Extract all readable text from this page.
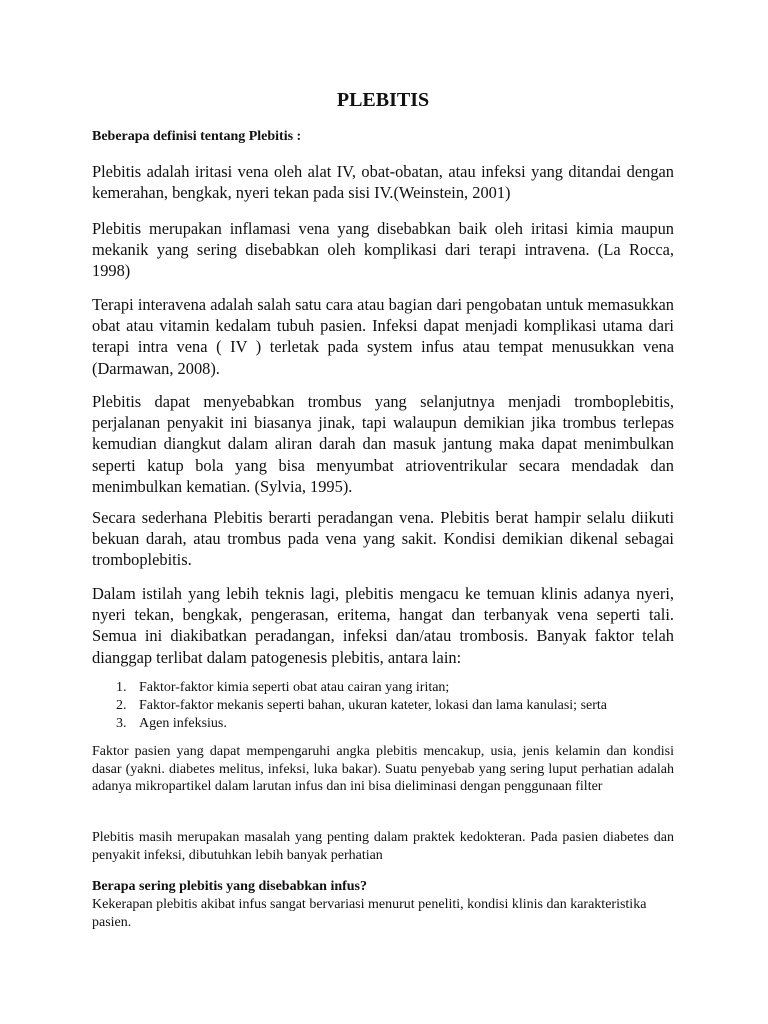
PLEBITIS

Beberapa definisi tentang Plebitis :

Plebitis adalah iritasi vena oleh alat IV, obat-obatan, atau infeksi yang ditandai dengan kemerahan, bengkak, nyeri tekan pada sisi IV.(Weinstein, 2001)

Plebitis merupakan inflamasi vena yang disebabkan baik oleh iritasi kimia maupun mekanik yang sering disebabkan oleh komplikasi dari terapi intravena. (La Rocca, 1998)

Terapi interavena adalah salah satu cara atau bagian dari pengobatan untuk memasukkan obat atau vitamin kedalam tubuh pasien. Infeksi dapat menjadi komplikasi utama dari terapi intra vena ( IV ) terletak pada system infus atau tempat menusukkan vena (Darmawan, 2008).

Plebitis dapat menyebabkan trombus yang selanjutnya menjadi tromboplebitis, perjalanan penyakit ini biasanya jinak, tapi walaupun demikian jika trombus terlepas kemudian diangkut dalam aliran darah dan masuk jantung maka dapat menimbulkan seperti katup bola yang bisa menyumbat atrioventrikular secara mendadak dan menimbulkan kematian. (Sylvia, 1995).

Secara sederhana Plebitis berarti peradangan vena. Plebitis berat hampir selalu diikuti bekuan darah, atau trombus pada vena yang sakit. Kondisi demikian dikenal sebagai tromboplebitis.

Dalam istilah yang lebih teknis lagi, plebitis mengacu ke temuan klinis adanya nyeri, nyeri tekan, bengkak, pengerasan, eritema, hangat dan terbanyak vena seperti tali. Semua ini diakibatkan peradangan, infeksi dan/atau trombosis. Banyak faktor telah dianggap terlibat dalam patogenesis plebitis, antara lain:

1. Faktor-faktor kimia seperti obat atau cairan yang iritan;
2. Faktor-faktor mekanis seperti bahan, ukuran kateter, lokasi dan lama kanulasi; serta
3. Agen infeksius.

Faktor pasien yang dapat mempengaruhi angka plebitis mencakup, usia, jenis kelamin dan kondisi dasar (yakni. diabetes melitus, infeksi, luka bakar). Suatu penyebab yang sering luput perhatian adalah adanya mikropartikel dalam larutan infus dan ini bisa dieliminasi dengan penggunaan filter

Plebitis masih merupakan masalah yang penting dalam praktek kedokteran. Pada pasien diabetes dan penyakit infeksi, dibutuhkan lebih banyak perhatian

Berapa sering plebitis yang disebabkan infus?

Kekerapan plebitis akibat infus sangat bervariasi menurut peneliti, kondisi klinis dan karakteristika pasien.
